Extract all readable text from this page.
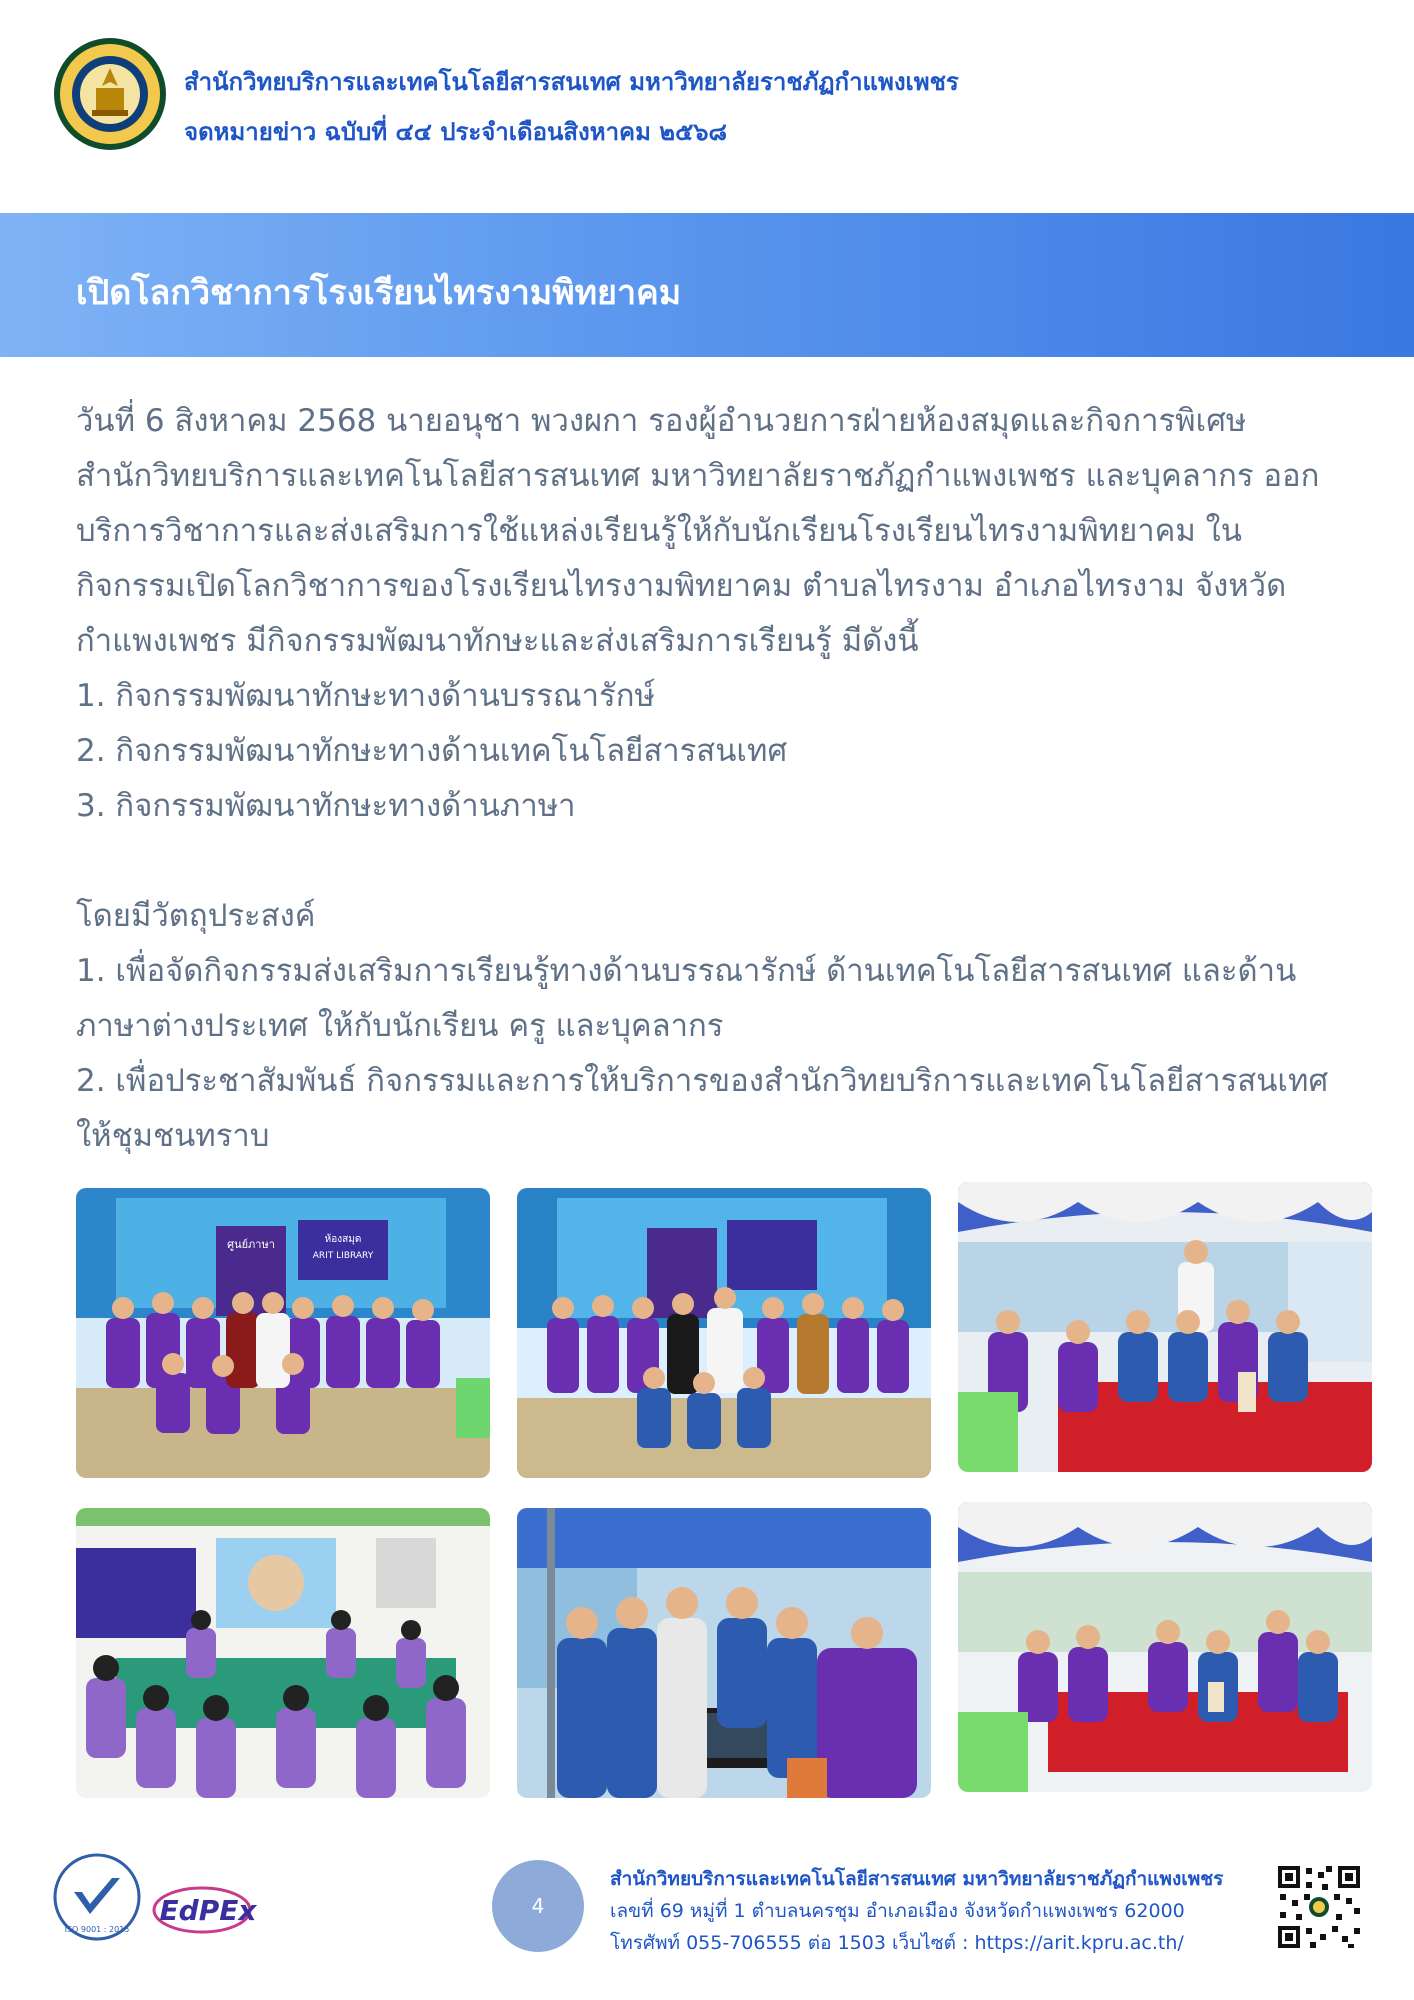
สำนักวิทยบริการและเทคโนโลยีสารสนเทศ มหาวิทยาลัยราชภัฏกำแพงเพชร
จดหมายข่าว ฉบับที่ ๔๔ ประจำเดือนสิงหาคม ๒๕๖๘
เปิดโลกวิชาการโรงเรียนไทรงามพิทยาคม

วันที่ 6 สิงหาคม 2568 นายอนุชา พวงผกา รองผู้อำนวยการฝ่ายห้องสมุดและกิจการพิเศษ

สำนักวิทยบริการและเทคโนโลยีสารสนเทศ มหาวิทยาลัยราชภัฏกำแพงเพชร และบุคลากร ออก

บริการวิชาการและส่งเสริมการใช้แหล่งเรียนรู้ให้กับนักเรียนโรงเรียนไทรงามพิทยาคม ใน

กิจกรรมเปิดโลกวิชาการของโรงเรียนไทรงามพิทยาคม ตำบลไทรงาม อำเภอไทรงาม จังหวัด

กำแพงเพชร มีกิจกรรมพัฒนาทักษะและส่งเสริมการเรียนรู้ มีดังนี้

1. กิจกรรมพัฒนาทักษะทางด้านบรรณารักษ์

2. กิจกรรมพัฒนาทักษะทางด้านเทคโนโลยีสารสนเทศ

3. กิจกรรมพัฒนาทักษะทางด้านภาษา

โดยมีวัตถุประสงค์

1. เพื่อจัดกิจกรรมส่งเสริมการเรียนรู้ทางด้านบรรณารักษ์ ด้านเทคโนโลยีสารสนเทศ และด้าน

ภาษาต่างประเทศ ให้กับนักเรียน ครู และบุคลากร

2. เพื่อประชาสัมพันธ์ กิจกรรมและการให้บริการของสำนักวิทยบริการและเทคโนโลยีสารสนเทศ

ให้ชุมชนทราบ

ศูนย์ภาษา	ห้องสมุด
ARIT LIBRARY
ISO 9001 : 2015
EdPEx	4
สำนักวิทยบริการและเทคโนโลยีสารสนเทศ มหาวิทยาลัยราชภัฏกำแพงเพชร
เลขที่ 69 หมู่ที่ 1 ตำบลนครชุม อำเภอเมือง จังหวัดกำแพงเพชร 62000
โทรศัพท์ 055-706555 ต่อ 1503 เว็บไซต์ : https://arit.kpru.ac.th/
